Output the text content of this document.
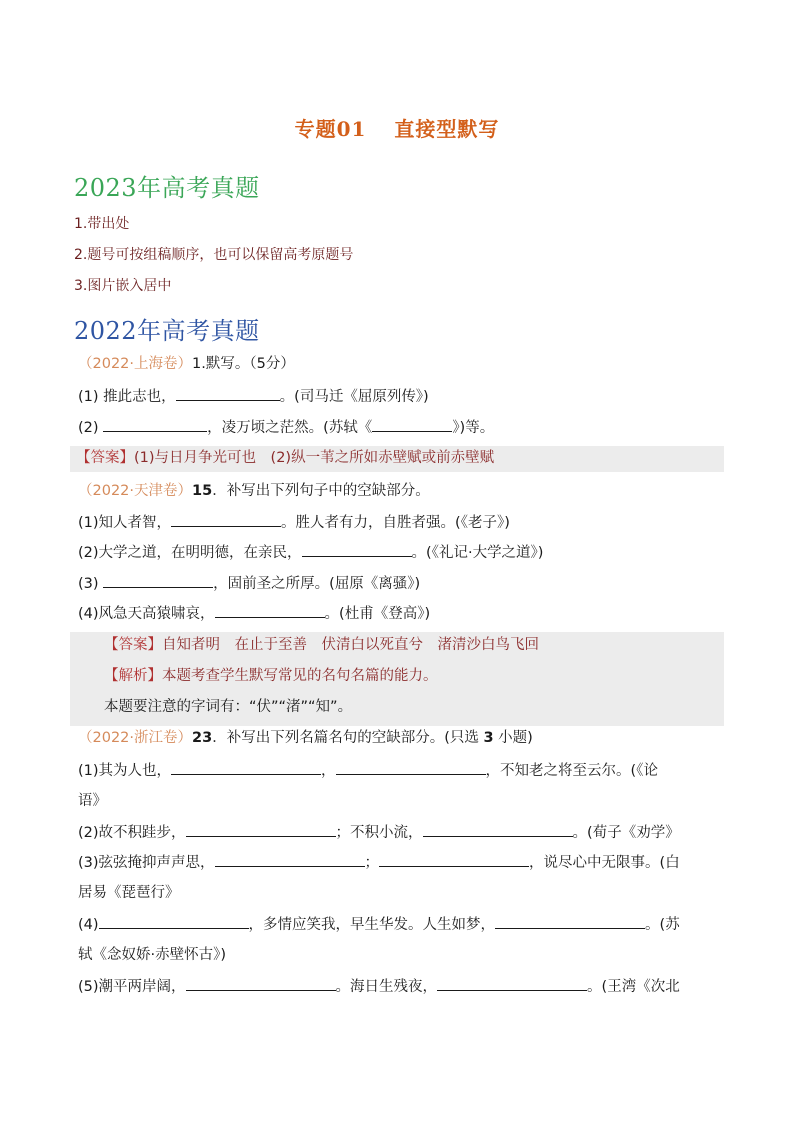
专题01 直接型默写
2023年高考真题
1.带出处
2.题号可按组稿顺序，也可以保留高考原题号
3.图片嵌入居中
2022年高考真题
（2022·上海卷）1.默写。（5分）
(1) 推此志也，	。(司马迁《屈原列传》)
(2)	，凌万顷之茫然。(苏轼《	》)等。
【答案】(1)与日月争光可也　(2)纵一苇之所如赤壁赋或前赤壁赋
（2022·天津卷）15．补写出下列句子中的空缺部分。
(1)知人者智，	。胜人者有力，自胜者强。(《老子》)
(2)大学之道，在明明德，在亲民，	。(《礼记·大学之道》)
(3)	，固前圣之所厚。(屈原《离骚》)
(4)风急天高猿啸哀，	。(杜甫《登高》)
【答案】自知者明　在止于至善　伏清白以死直兮　渚清沙白鸟飞回
【解析】本题考查学生默写常见的名句名篇的能力。
本题要注意的字词有：“伏”“渚”“知”。
（2022·浙江卷）23．补写出下列名篇名句的空缺部分。(只选 3 小题)
(1)其为人也，	，	，不知老之将至云尔。(《论
语》
(2)故不积跬步，	；不积小流，	。(荀子《劝学》
(3)弦弦掩抑声声思，	；	，说尽心中无限事。(白
居易《琵琶行》
(4)	，多情应笑我，早生华发。人生如梦，	。(苏
轼《念奴娇·赤壁怀古》)
(5)潮平两岸阔，	。海日生残夜，	。(王湾《次北
